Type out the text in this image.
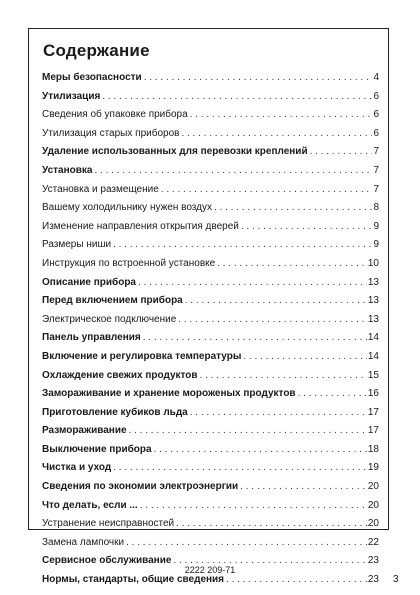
Содержание
Меры безопасности . . .	4
Утилизация . . .	6
Сведения об упаковке прибора . . .	6
Утилизация старых приборов . . .	6
Удаление использованных для перевозки креплений . . .	7
Установка . . .	7
Установка и размещение . . .	7
Вашему холодильнику нужен воздух . . .	8
Изменение направления открытия дверей . . .	9
Размеры ниши . . .	9
Инструкция по встроенной установке . . .	10
Описание прибора . . .	13
Перед включением прибора . . .	13
Электрическое подключение . . .	13
Панель управления . . .	14
Включение и регулировка температуры . . .	14
Охлаждение свежих продуктов . . .	15
Замораживание и хранение мороженых продуктов . . .	16
Приготовление кубиков льда . . .	17
Размораживание . . .	17
Выключение прибора . . .	18
Чистка и уход . . .	19
Сведения по экономии электроэнергии . . .	20
Что делать, если ... . . .	20
Устранение неисправностей . . .	20
Замена лампочки . . .	22
Сервисное обслуживание . . .	23
Нормы, стандарты, общие сведения . . .	23
2222 209-71
3
